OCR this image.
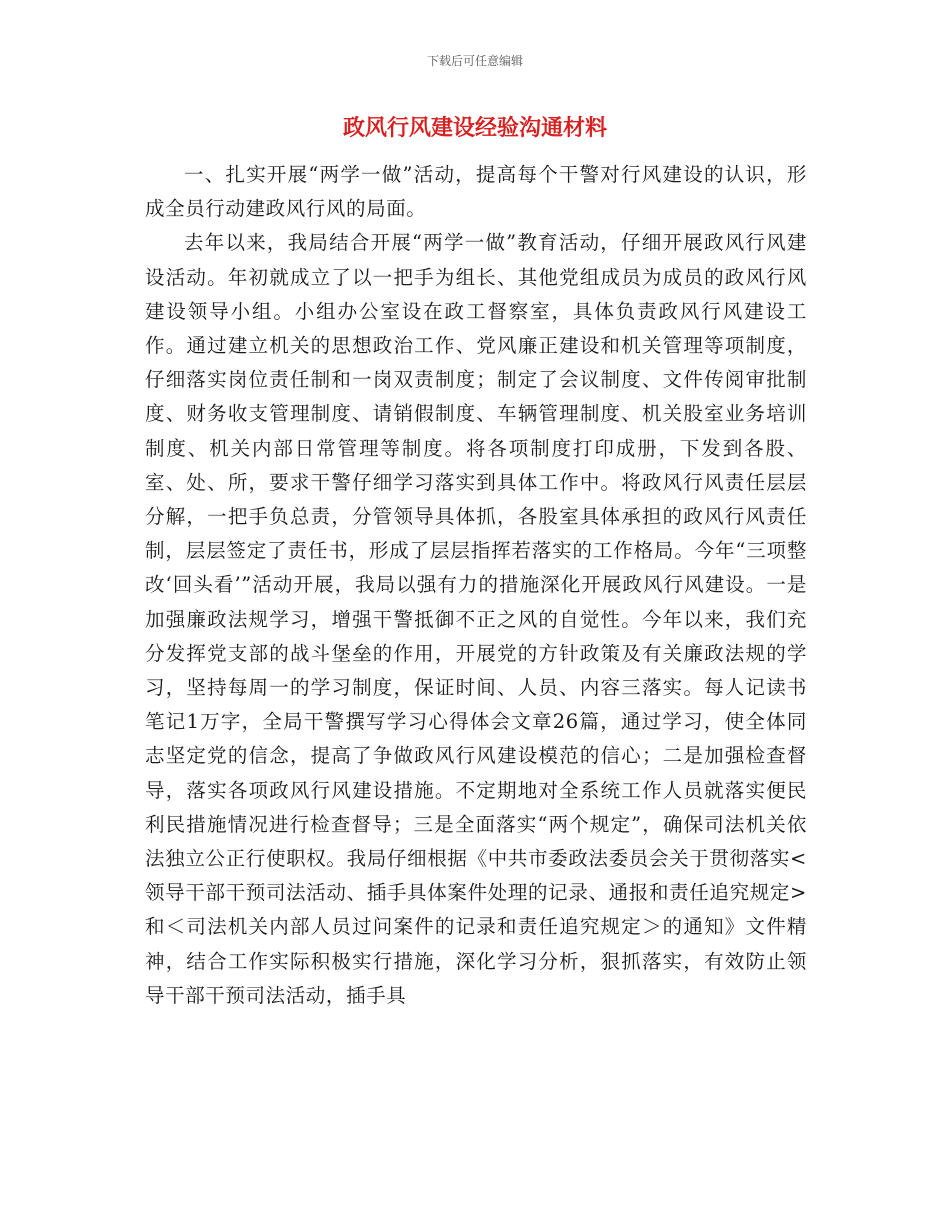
下载后可任意编辑
政风行风建设经验沟通材料

一、扎实开展“两学一做”活动，提高每个干警对行风建设的认识，形成全员行动建政风行风的局面。

去年以来，我局结合开展“两学一做”教育活动，仔细开展政风行风建设活动。年初就成立了以一把手为组长、其他党组成员为成员的政风行风建设领导小组。小组办公室设在政工督察室，具体负责政风行风建设工作。通过建立机关的思想政治工作、党风廉正建设和机关管理等项制度，仔细落实岗位责任制和一岗双责制度；制定了会议制度、文件传阅审批制度、财务收支管理制度、请销假制度、车辆管理制度、机关股室业务培训制度、机关内部日常管理等制度。将各项制度打印成册，下发到各股、室、处、所，要求干警仔细学习落实到具体工作中。将政风行风责任层层分解，一把手负总责，分管领导具体抓，各股室具体承担的政风行风责任制，层层签定了责任书，形成了层层指挥若落实的工作格局。今年“三项整改‘回头看’”活动开展，我局以强有力的措施深化开展政风行风建设。一是加强廉政法规学习，增强干警抵御不正之风的自觉性。今年以来，我们充分发挥党支部的战斗堡垒的作用，开展党的方针政策及有关廉政法规的学习，坚持每周一的学习制度，保证时间、人员、内容三落实。每人记读书笔记1万字，全局干警撰写学习心得体会文章26篇，通过学习，使全体同志坚定党的信念，提高了争做政风行风建设模范的信心；二是加强检查督导，落实各项政风行风建设措施。不定期地对全系统工作人员就落实便民利民措施情况进行检查督导；三是全面落实“两个规定”，确保司法机关依法独立公正行使职权。我局仔细根据《中共市委政法委员会关于贯彻落实<领导干部干预司法活动、插手具体案件处理的记录、通报和责任追究规定>和＜司法机关内部人员过问案件的记录和责任追究规定＞的通知》文件精神，结合工作实际积极实行措施，深化学习分析，狠抓落实，有效防止领导干部干预司法活动，插手具
